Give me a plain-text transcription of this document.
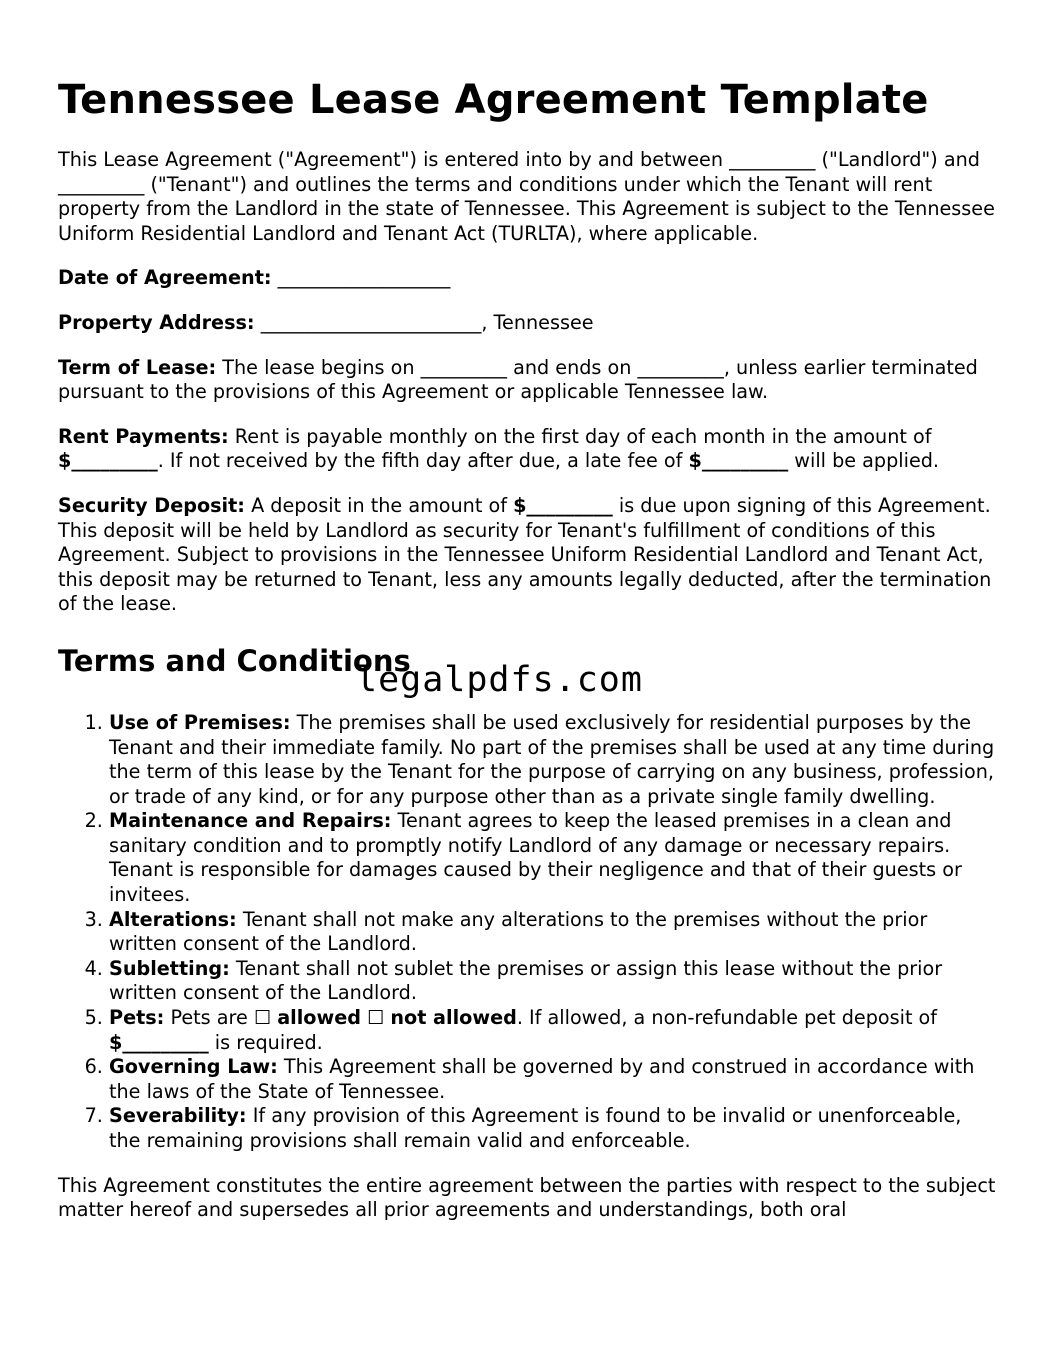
Tennessee Lease Agreement Template

This Lease Agreement ("Agreement") is entered into by and between _________ ("Landlord") and _________ ("Tenant") and outlines the terms and conditions under which the Tenant will rent property from the Landlord in the state of Tennessee. This Agreement is subject to the Tennessee Uniform Residential Landlord and Tenant Act (TURLTA), where applicable.

Date of Agreement: __________________

Property Address: _______________________, Tennessee

Term of Lease: The lease begins on _________ and ends on _________, unless earlier terminated pursuant to the provisions of this Agreement or applicable Tennessee law.

Rent Payments: Rent is payable monthly on the first day of each month in the amount of $_________. If not received by the fifth day after due, a late fee of $_________ will be applied.

Security Deposit: A deposit in the amount of $_________ is due upon signing of this Agreement. This deposit will be held by Landlord as security for Tenant's fulfillment of conditions of this Agreement. Subject to provisions in the Tennessee Uniform Residential Landlord and Tenant Act, this deposit may be returned to Tenant, less any amounts legally deducted, after the termination of the lease.

Terms and Conditions
1. Use of Premises: The premises shall be used exclusively for residential purposes by the Tenant and their immediate family. No part of the premises shall be used at any time during the term of this lease by the Tenant for the purpose of carrying on any business, profession, or trade of any kind, or for any purpose other than as a private single family dwelling.
2. Maintenance and Repairs: Tenant agrees to keep the leased premises in a clean and sanitary condition and to promptly notify Landlord of any damage or necessary repairs. Tenant is responsible for damages caused by their negligence and that of their guests or invitees.
3. Alterations: Tenant shall not make any alterations to the premises without the prior written consent of the Landlord.
4. Subletting: Tenant shall not sublet the premises or assign this lease without the prior written consent of the Landlord.
5. Pets: Pets are ☐ allowed ☐ not allowed. If allowed, a non-refundable pet deposit of $_________ is required.
6. Governing Law: This Agreement shall be governed by and construed in accordance with the laws of the State of Tennessee.
7. Severability: If any provision of this Agreement is found to be invalid or unenforceable, the remaining provisions shall remain valid and enforceable.

This Agreement constitutes the entire agreement between the parties with respect to the subject matter hereof and supersedes all prior agreements and understandings, both oral

legalpdfs.com
